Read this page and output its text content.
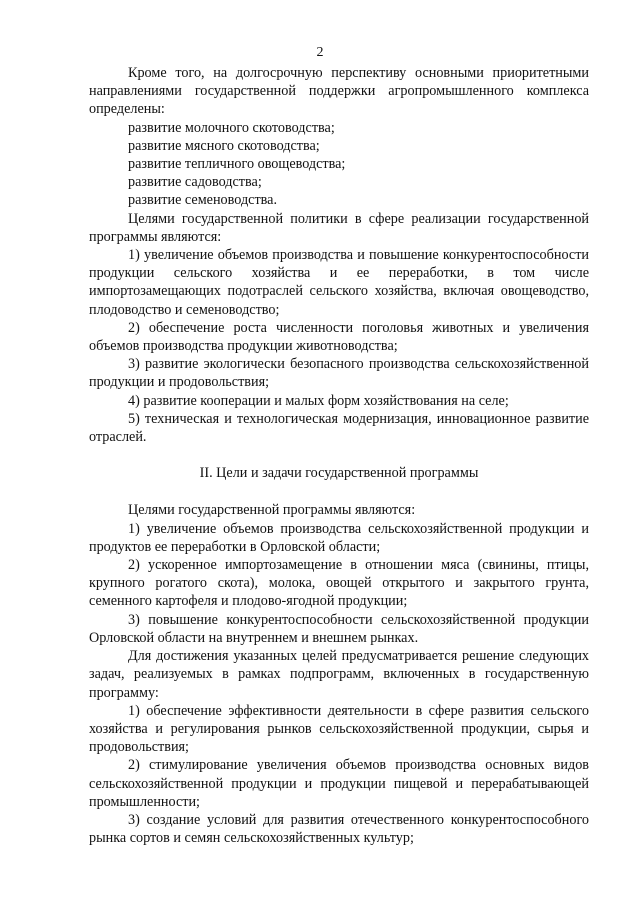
2

Кроме того, на долгосрочную перспективу основными приоритетными направлениями государственной поддержки агропромышленного комплекса определены:

развитие молочного скотоводства;

развитие мясного скотоводства;

развитие тепличного овощеводства;

развитие садоводства;

развитие семеноводства.

Целями государственной политики в сфере реализации государственной программы являются:

1) увеличение объемов производства и повышение конкурентоспособности продукции сельского хозяйства и ее переработки, в том числе импортозамещающих подотраслей сельского хозяйства, включая овощеводство, плодоводство и семеноводство;

2) обеспечение роста численности поголовья животных и увеличения объемов производства продукции животноводства;

3) развитие экологически безопасного производства сельскохозяйственной продукции и продовольствия;

4) развитие кооперации и малых форм хозяйствования на селе;

5) техническая и технологическая модернизация, инновационное развитие отраслей.

II. Цели и задачи государственной программы

Целями государственной программы являются:

1) увеличение объемов производства сельскохозяйственной продукции и продуктов ее переработки в Орловской области;

2) ускоренное импортозамещение в отношении мяса (свинины, птицы, крупного рогатого скота), молока, овощей открытого и закрытого грунта, семенного картофеля и плодово-ягодной продукции;

3) повышение конкурентоспособности сельскохозяйственной продукции Орловской области на внутреннем и внешнем рынках.

Для достижения указанных целей предусматривается решение следующих задач, реализуемых в рамках подпрограмм, включенных в государственную программу:

1) обеспечение эффективности деятельности в сфере развития сельского хозяйства и регулирования рынков сельскохозяйственной продукции, сырья и продовольствия;

2) стимулирование увеличения объемов производства основных видов сельскохозяйственной продукции и продукции пищевой и перерабатывающей промышленности;

3) создание условий для развития отечественного конкурентоспособного рынка сортов и семян сельскохозяйственных культур;
